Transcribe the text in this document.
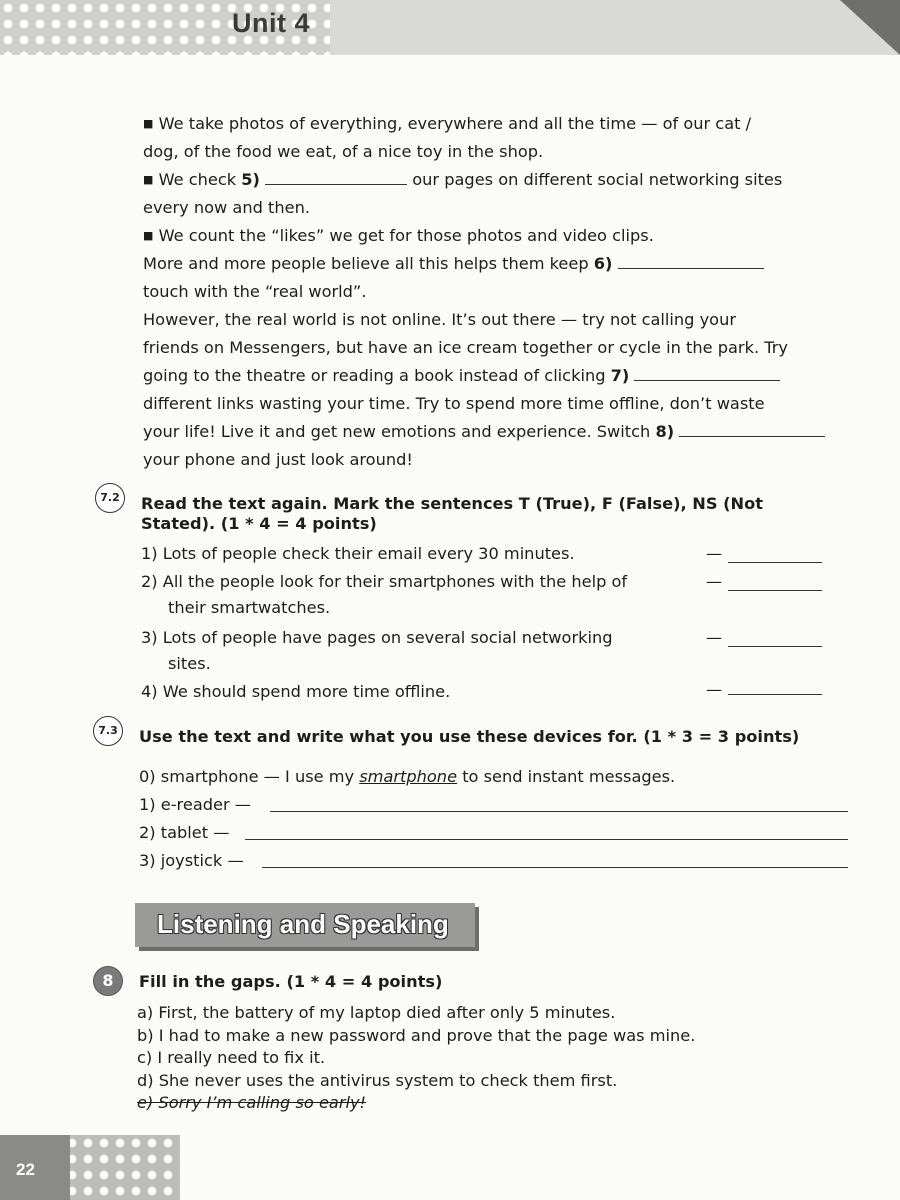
Unit 4
■ We take photos of everything, everywhere and all the time — of our cat /
dog, of the food we eat, of a nice toy in the shop.
■ We check 5)	our pages on different social networking sites
every now and then.
■ We count the “likes” we get for those photos and video clips.
More and more people believe all this helps them keep 6)
touch with the “real world”.
However, the real world is not online. It’s out there — try not calling your
friends on Messengers, but have an ice cream together or cycle in the park. Try
going to the theatre or reading a book instead of clicking 7)
different links wasting your time. Try to spend more time offline, don’t waste
your life! Live it and get new emotions and experience. Switch 8)
your phone and just look around!
7.2	Read the text again. Mark the sentences T (True), F (False), NS (Not
Stated). (1 * 4 = 4 points)
1) Lots of people check their email every 30 minutes.	—
2) All the people look for their smartphones with the help of
their smartwatches.
—
3) Lots of people have pages on several social networking
sites.
—
4) We should spend more time offline.	—
7.3	Use the text and write what you use these devices for. (1 * 3 = 3 points)
0) smartphone — I use my smartphone to send instant messages.
1) e-reader —
2) tablet —
3) joystick —
Listening and Speaking
8	Fill in the gaps. (1 * 4 = 4 points)
a) First, the battery of my laptop died after only 5 minutes.
b) I had to make a new password and prove that the page was mine.
c) I really need to fix it.
d) She never uses the antivirus system to check them first.
e) Sorry I’m calling so early!
22
